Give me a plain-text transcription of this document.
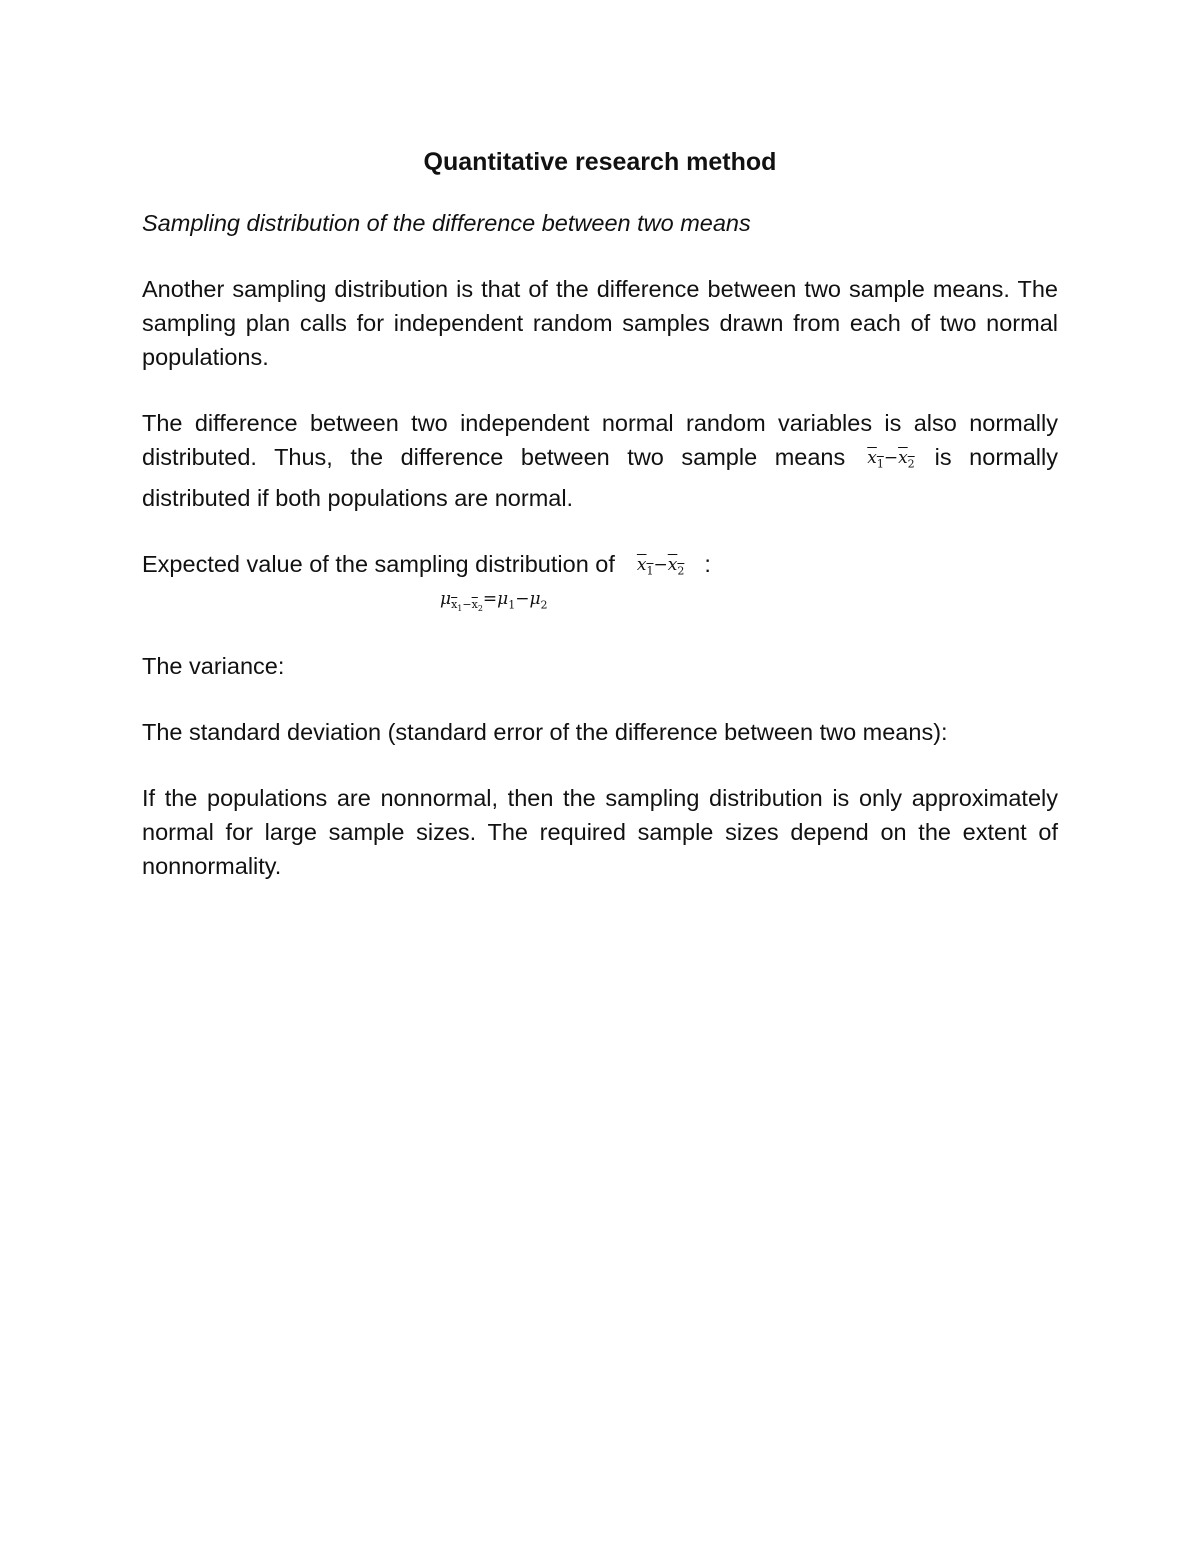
Quantitative research method
Sampling distribution of the difference between two means

Another sampling distribution is that of the difference between two sample means. The sampling plan calls for independent random samples drawn from each of two normal populations.

The difference between two independent normal random variables is also normally distributed. Thus, the difference between two sample means $x_1-x_2$ is normally distributed if both populations are normal.

Expected value of the sampling distribution of $x_1-x_2$ :

$\mu_{\overline{x}_1-\overline{x}_2}=\mu_1-\mu_2$

The variance:

The standard deviation (standard error of the difference between two means):

If the populations are nonnormal, then the sampling distribution is only approximately normal for large sample sizes. The required sample sizes depend on the extent of nonnormality.
